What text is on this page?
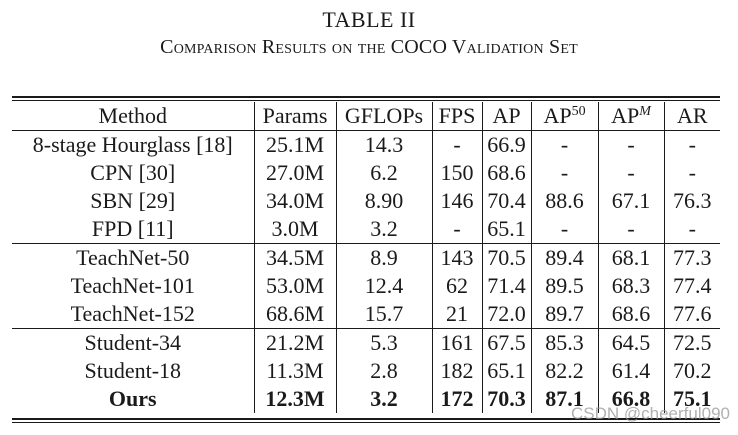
TABLE II
Comparison Results on the COCO Validation Set
Method	Params	GFLOPs	FPS	AP	AP$^{50}$	$AP^M$	AR
8-stage Hourglass [18]	25.1M	14.3	-	66.9	-	-	-
CPN [30]	27.0M	6.2	150	68.6	-	-	-
SBN [29]	34.0M	8.90	146	70.4	88.6	67.1	76.3
FPD [11]	3.0M	3.2	-	65.1	-	-	-
TeachNet-50	34.5M	8.9	143	70.5	89.4	68.1	77.3
TeachNet-101	53.0M	12.4	62	71.4	89.5	68.3	77.4
TeachNet-152	68.6M	15.7	21	72.0	89.7	68.6	77.6
Student-34	21.2M	5.3	161	67.5	85.3	64.5	72.5
Student-18	11.3M	2.8	182	65.1	82.2	61.4	70.2
Ours	12.3M	3.2	172	70.3	87.1	66.8	75.1
CSDN @cheerful090
